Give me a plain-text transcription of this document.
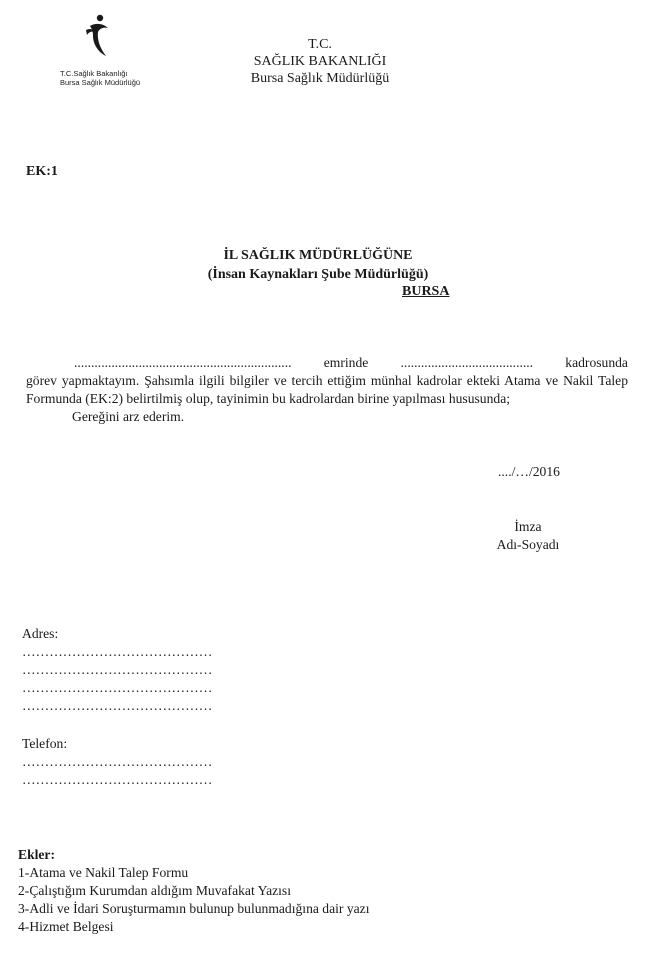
T.C.Sağlık Bakanlığı
Bursa Sağlık Müdürlüğü
T.C.
SAĞLIK BAKANLIĞI
Bursa Sağlık Müdürlüğü
EK:1
İL SAĞLIK MÜDÜRLÜĞÜNE
(İnsan Kaynakları Şube Müdürlüğü)
BURSA
................................................................ emrinde ....................................... kadrosunda
görev yapmaktayım. Şahsımla ilgili bilgiler ve tercih ettiğim münhal kadrolar ekteki Atama ve Nakil Talep Formunda (EK:2) belirtilmiş olup, tayinimin bu kadrolardan birine yapılması hususunda;
Gereğini arz ederim.
..../…/2016
İmza
Adı-Soyadı
Adres:
……………………………………
……………………………………
……………………………………
……………………………………
Telefon:
……………………………………
……………………………………
Ekler:
1-Atama ve Nakil Talep Formu
2-Çalıştığım Kurumdan aldığım Muvafakat Yazısı
3-Adli ve İdari Soruşturmamın bulunup bulunmadığına dair yazı
4-Hizmet Belgesi
